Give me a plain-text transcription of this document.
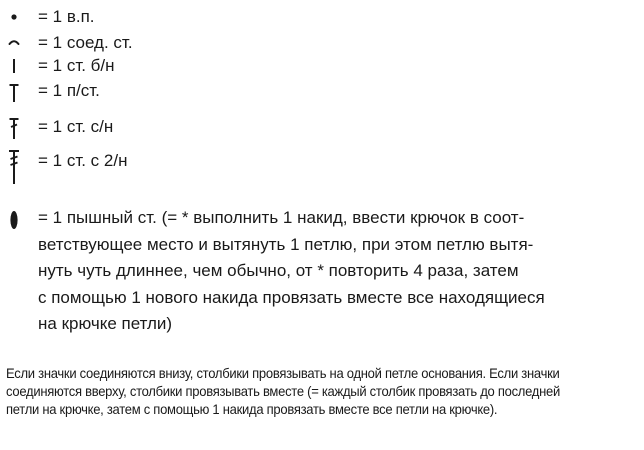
= 1 в.п.
= 1 соед. ст.
= 1 ст. б/н
= 1 п/ст.
= 1 ст. с/н
= 1 ст. с 2/н
= 1 пышный ст. (= * выполнить 1 накид, ввести крючок в соот-
ветствующее место и вытянуть 1 петлю, при этом петлю вытя-
нуть чуть длиннее, чем обычно, от * повторить 4 раза, затем
с помощью 1 нового накида провязать вместе все находящиеся
на крючке петли)
Если значки соединяются внизу, столбики провязывать на одной петле основания. Если значки
соединяются вверху, столбики провязывать вместе (= каждый столбик провязать до последней
петли на крючке, затем с помощью 1 накида провязать вместе все петли на крючке).
